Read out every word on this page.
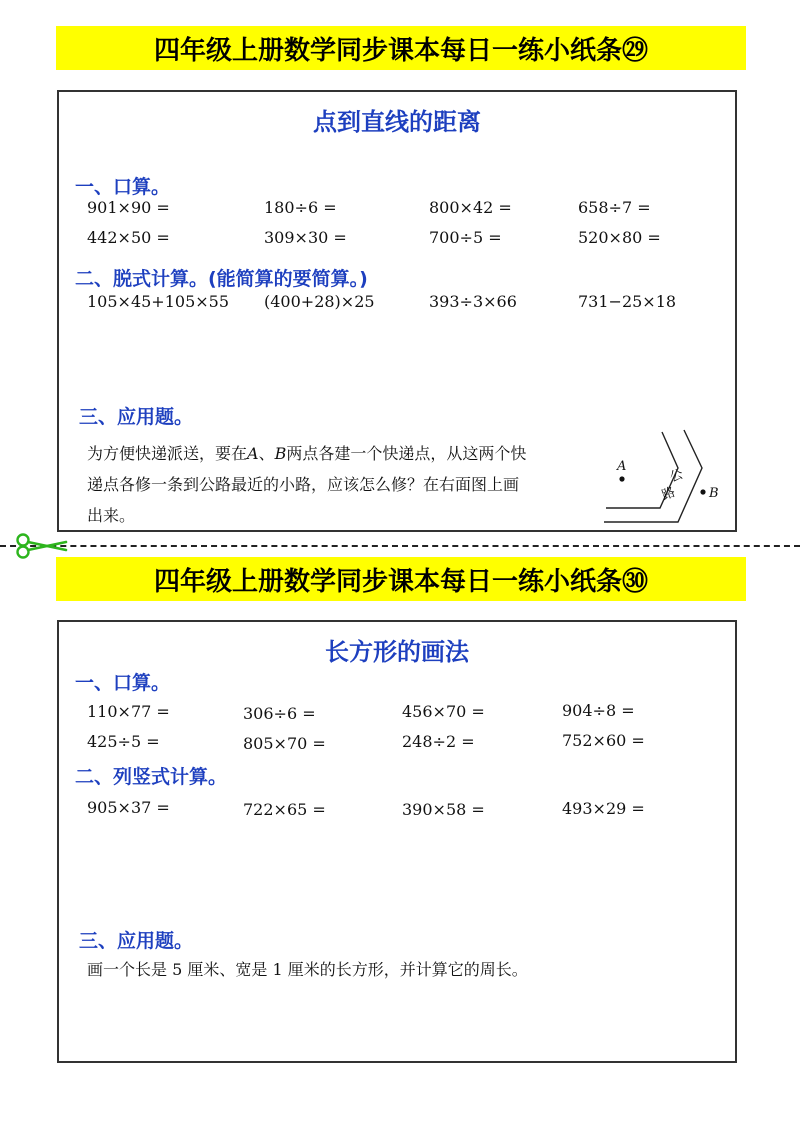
四年级上册数学同步课本每日一练小纸条㉙
点到直线的距离
一、口算。
901×90 =	180÷6 =	800×42 =	658÷7 =
442×50 =	309×30 =	700÷5 =	520×80 =
二、脱式计算。(能简算的要简算。)
105×45+105×55 (400+28)×25	393÷3×66	731−25×18
三、应用题。
为方便快递派送，要在A、B两点各建一个快递点，从这两个快
递点各修一条到公路最近的小路，应该怎么修？在右面图上画
出来。
A
B
公
路
四年级上册数学同步课本每日一练小纸条㉚
长方形的画法
一、口算。
110×77 =	306÷6 =	456×70 =	904÷8 =
425÷5 =	805×70 =	248÷2 =	752×60 =
二、列竖式计算。
905×37 =	722×65 =	390×58 =	493×29 =
三、应用题。
画一个长是 5 厘米、宽是 1 厘米的长方形，并计算它的周长。
